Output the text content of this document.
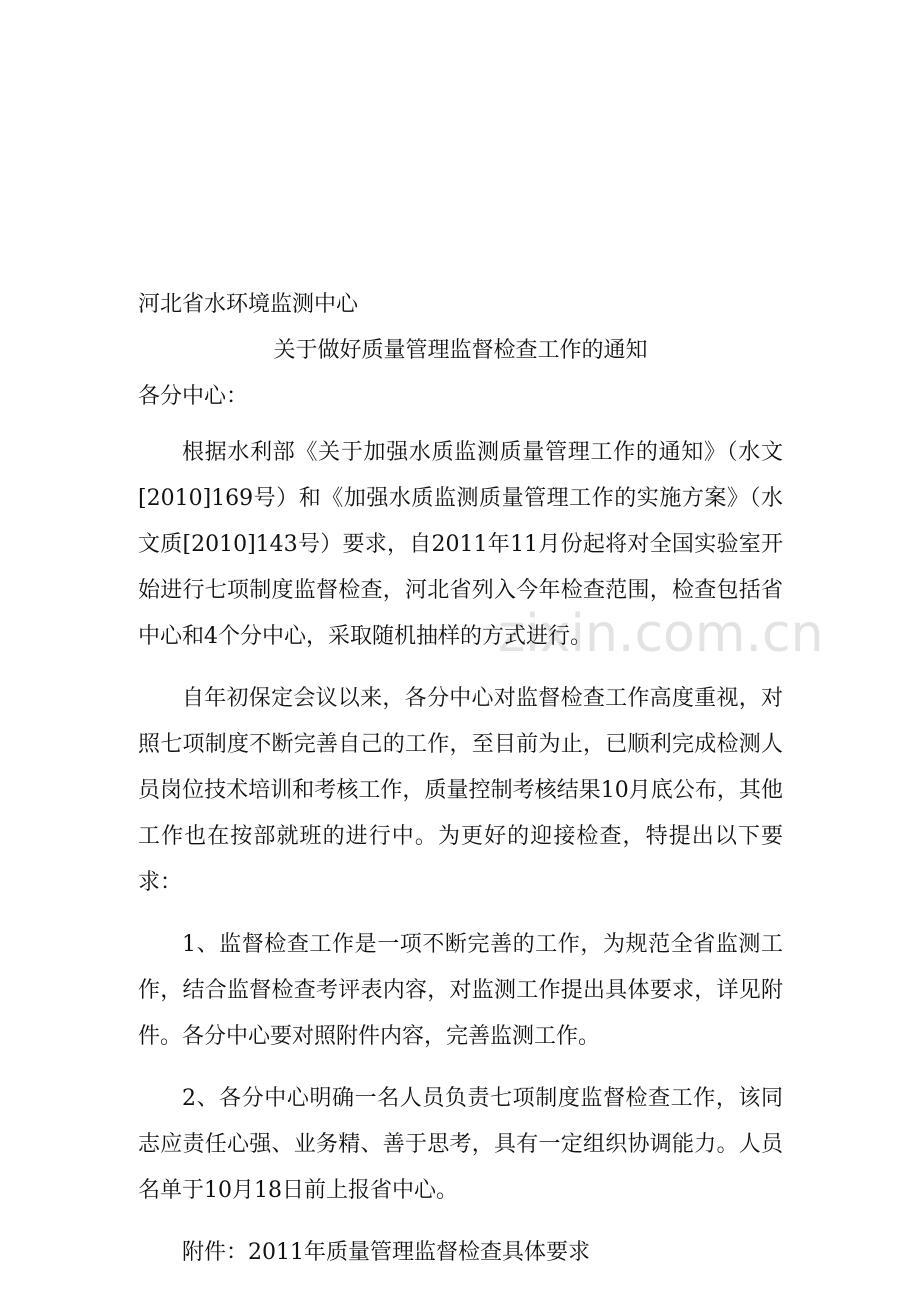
zixin.com.cn

河北省水环境监测中心

关于做好质量管理监督检查工作的通知

各分中心：

根据水利部《关于加强水质监测质量管理工作的通知》（水文[2010]169号）和《加强水质监测质量管理工作的实施方案》（水文质[2010]143号）要求，自2011年11月份起将对全国实验室开始进行七项制度监督检查，河北省列入今年检查范围，检查包括省中心和4个分中心，采取随机抽样的方式进行。

自年初保定会议以来，各分中心对监督检查工作高度重视，对照七项制度不断完善自己的工作，至目前为止，已顺利完成检测人员岗位技术培训和考核工作，质量控制考核结果10月底公布，其他工作也在按部就班的进行中。为更好的迎接检查，特提出以下要求：

1、监督检查工作是一项不断完善的工作，为规范全省监测工作，结合监督检查考评表内容，对监测工作提出具体要求，详见附件。各分中心要对照附件内容，完善监测工作。

2、各分中心明确一名人员负责七项制度监督检查工作，该同志应责任心强、业务精、善于思考，具有一定组织协调能力。人员名单于10月18日前上报省中心。

附件：2011年质量管理监督检查具体要求
